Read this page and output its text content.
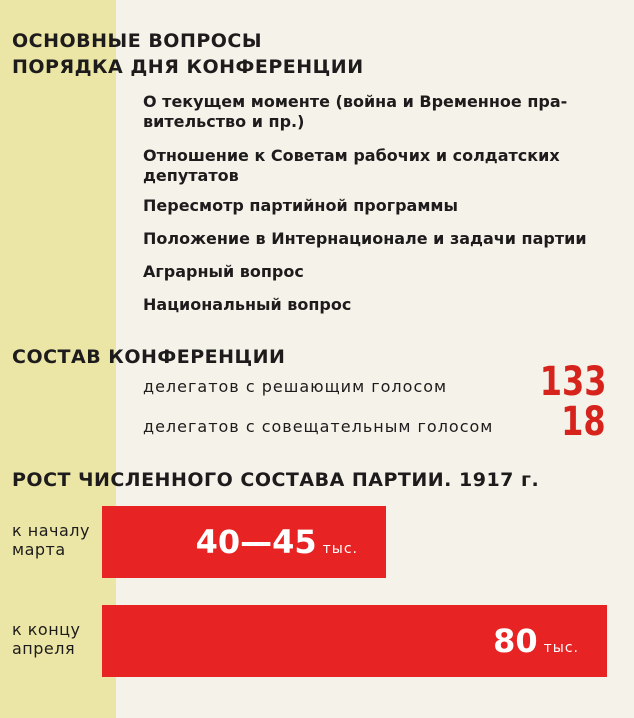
ОСНОВНЫЕ ВОПРОСЫ
ПОРЯДКА ДНЯ КОНФЕРЕНЦИИ
О текущем моменте (война и Временное пра-
вительство и пр.)
Отношение к Советам рабочих и солдатских
депутатов
Пересмотр партийной программы
Положение в Интернационале и задачи партии
Аграрный вопрос
Национальный вопрос
СОСТАВ КОНФЕРЕНЦИИ
делегатов с решающим голосом 133
делегатов с совещательным голосом 18
РОСТ ЧИСЛЕННОГО СОСТАВА ПАРТИИ. 1917 г.
к началу
марта	40—45 тыс.
к концу
апреля	80 тыс.
